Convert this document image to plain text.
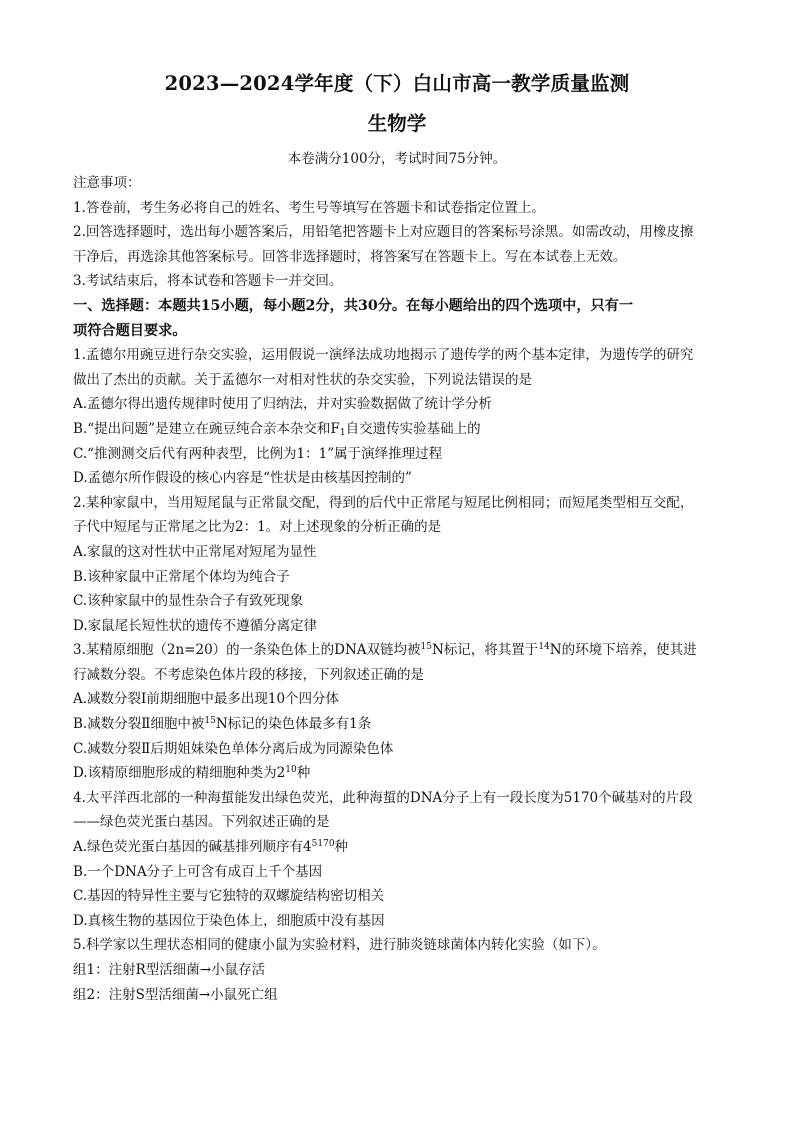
2023—2024学年度（下）白山市高一教学质量监测
生物学
本卷满分100分，考试时间75分钟。

注意事项：

1.答卷前，考生务必将自己的姓名、考生号等填写在答题卡和试卷指定位置上。

2.回答选择题时，选出每小题答案后，用铅笔把答题卡上对应题目的答案标号涂黑。如需改动，用橡皮擦

干净后，再选涂其他答案标号。回答非选择题时，将答案写在答题卡上。写在本试卷上无效。

3.考试结束后，将本试卷和答题卡一并交回。

一、选择题：本题共15小题，每小题2分，共30分。在每小题给出的四个选项中，只有一

项符合题目要求。

1.孟德尔用豌豆进行杂交实验，运用假说一演绎法成功地揭示了遗传学的两个基本定律，为遗传学的研究

做出了杰出的贡献。关于孟德尔一对相对性状的杂交实验，下列说法错误的是

A.孟德尔得出遗传规律时使用了归纳法，并对实验数据做了统计学分析

B.“提出问题”是建立在豌豆纯合亲本杂交和$F_1$自交遗传实验基础上的

C.“推测测交后代有两种表型，比例为1：1”属于演绎推理过程

D.孟德尔所作假设的核心内容是“性状是由核基因控制的”

2.某种家鼠中，当用短尾鼠与正常鼠交配，得到的后代中正常尾与短尾比例相同；而短尾类型相互交配，

子代中短尾与正常尾之比为2：1。对上述现象的分析正确的是

A.家鼠的这对性状中正常尾对短尾为显性

B.该种家鼠中正常尾个体均为纯合子

C.该种家鼠中的显性杂合子有致死现象

D.家鼠尾长短性状的遗传不遵循分离定律

3.某精原细胞（2n=20）的一条染色体上的DNA双链均被$^{15}$N标记，将其置于$^{14}$N的环境下培养，使其进

行减数分裂。不考虑染色体片段的移接，下列叙述正确的是

A.减数分裂Ⅰ前期细胞中最多出现10个四分体

B.减数分裂Ⅱ细胞中被$^{15}$N标记的染色体最多有1条

C.减数分裂Ⅱ后期姐妹染色单体分离后成为同源染色体

D.该精原细胞形成的精细胞种类为$2^{10}$种

4.太平洋西北部的一种海蜇能发出绿色荧光，此种海蜇的DNA分子上有一段长度为5170个碱基对的片段

——绿色荧光蛋白基因。下列叙述正确的是

A.绿色荧光蛋白基因的碱基排列顺序有$4^{5170}$种

B.一个DNA分子上可含有成百上千个基因

C.基因的特异性主要与它独特的双螺旋结构密切相关

D.真核生物的基因位于染色体上，细胞质中没有基因

5.科学家以生理状态相同的健康小鼠为实验材料，进行肺炎链球菌体内转化实验（如下）。

组1：注射R型活细菌→小鼠存活

组2：注射S型活细菌→小鼠死亡组
